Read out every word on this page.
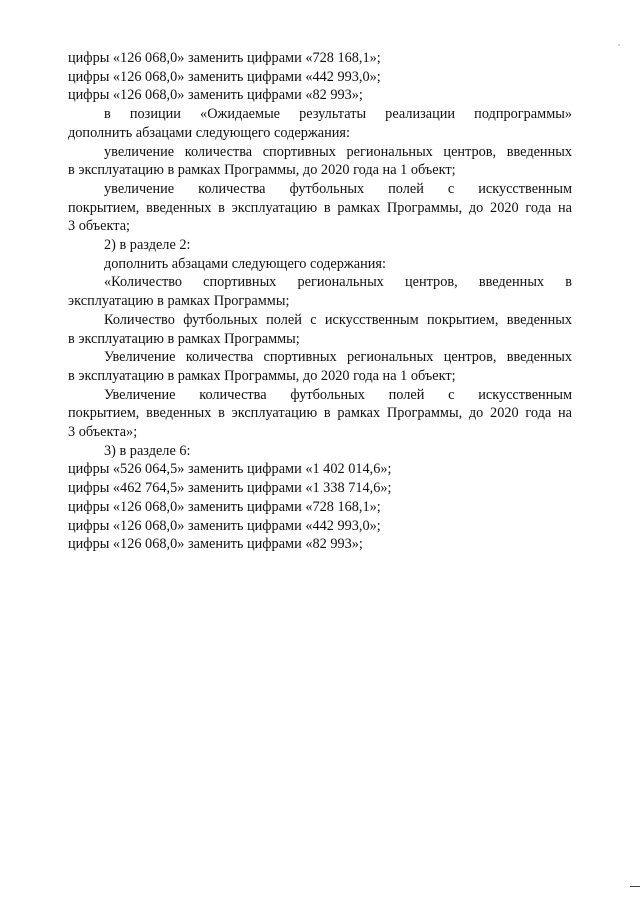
цифры «126 068,0» заменить цифрами «728 168,1»;
цифры «126 068,0» заменить цифрами «442 993,0»;
цифры «126 068,0» заменить цифрами «82 993»;
в позиции «Ожидаемые результаты реализации подпрограммы»
дополнить абзацами следующего содержания:
увеличение количества спортивных региональных центров, введенных
в эксплуатацию в рамках Программы, до 2020 года на 1 объект;
увеличение количества футбольных полей с искусственным
покрытием, введенных в эксплуатацию в рамках Программы, до 2020 года на
3 объекта;
2) в разделе 2:
дополнить абзацами следующего содержания:
«Количество спортивных региональных центров, введенных в
эксплуатацию в рамках Программы;
Количество футбольных полей с искусственным покрытием, введенных
в эксплуатацию в рамках Программы;
Увеличение количества спортивных региональных центров, введенных
в эксплуатацию в рамках Программы, до 2020 года на 1 объект;
Увеличение количества футбольных полей с искусственным
покрытием, введенных в эксплуатацию в рамках Программы, до 2020 года на
3 объекта»;
3) в разделе 6:
цифры «526 064,5» заменить цифрами «1 402 014,6»;
цифры «462 764,5» заменить цифрами «1 338 714,6»;
цифры «126 068,0» заменить цифрами «728 168,1»;
цифры «126 068,0» заменить цифрами «442 993,0»;
цифры «126 068,0» заменить цифрами «82 993»;
